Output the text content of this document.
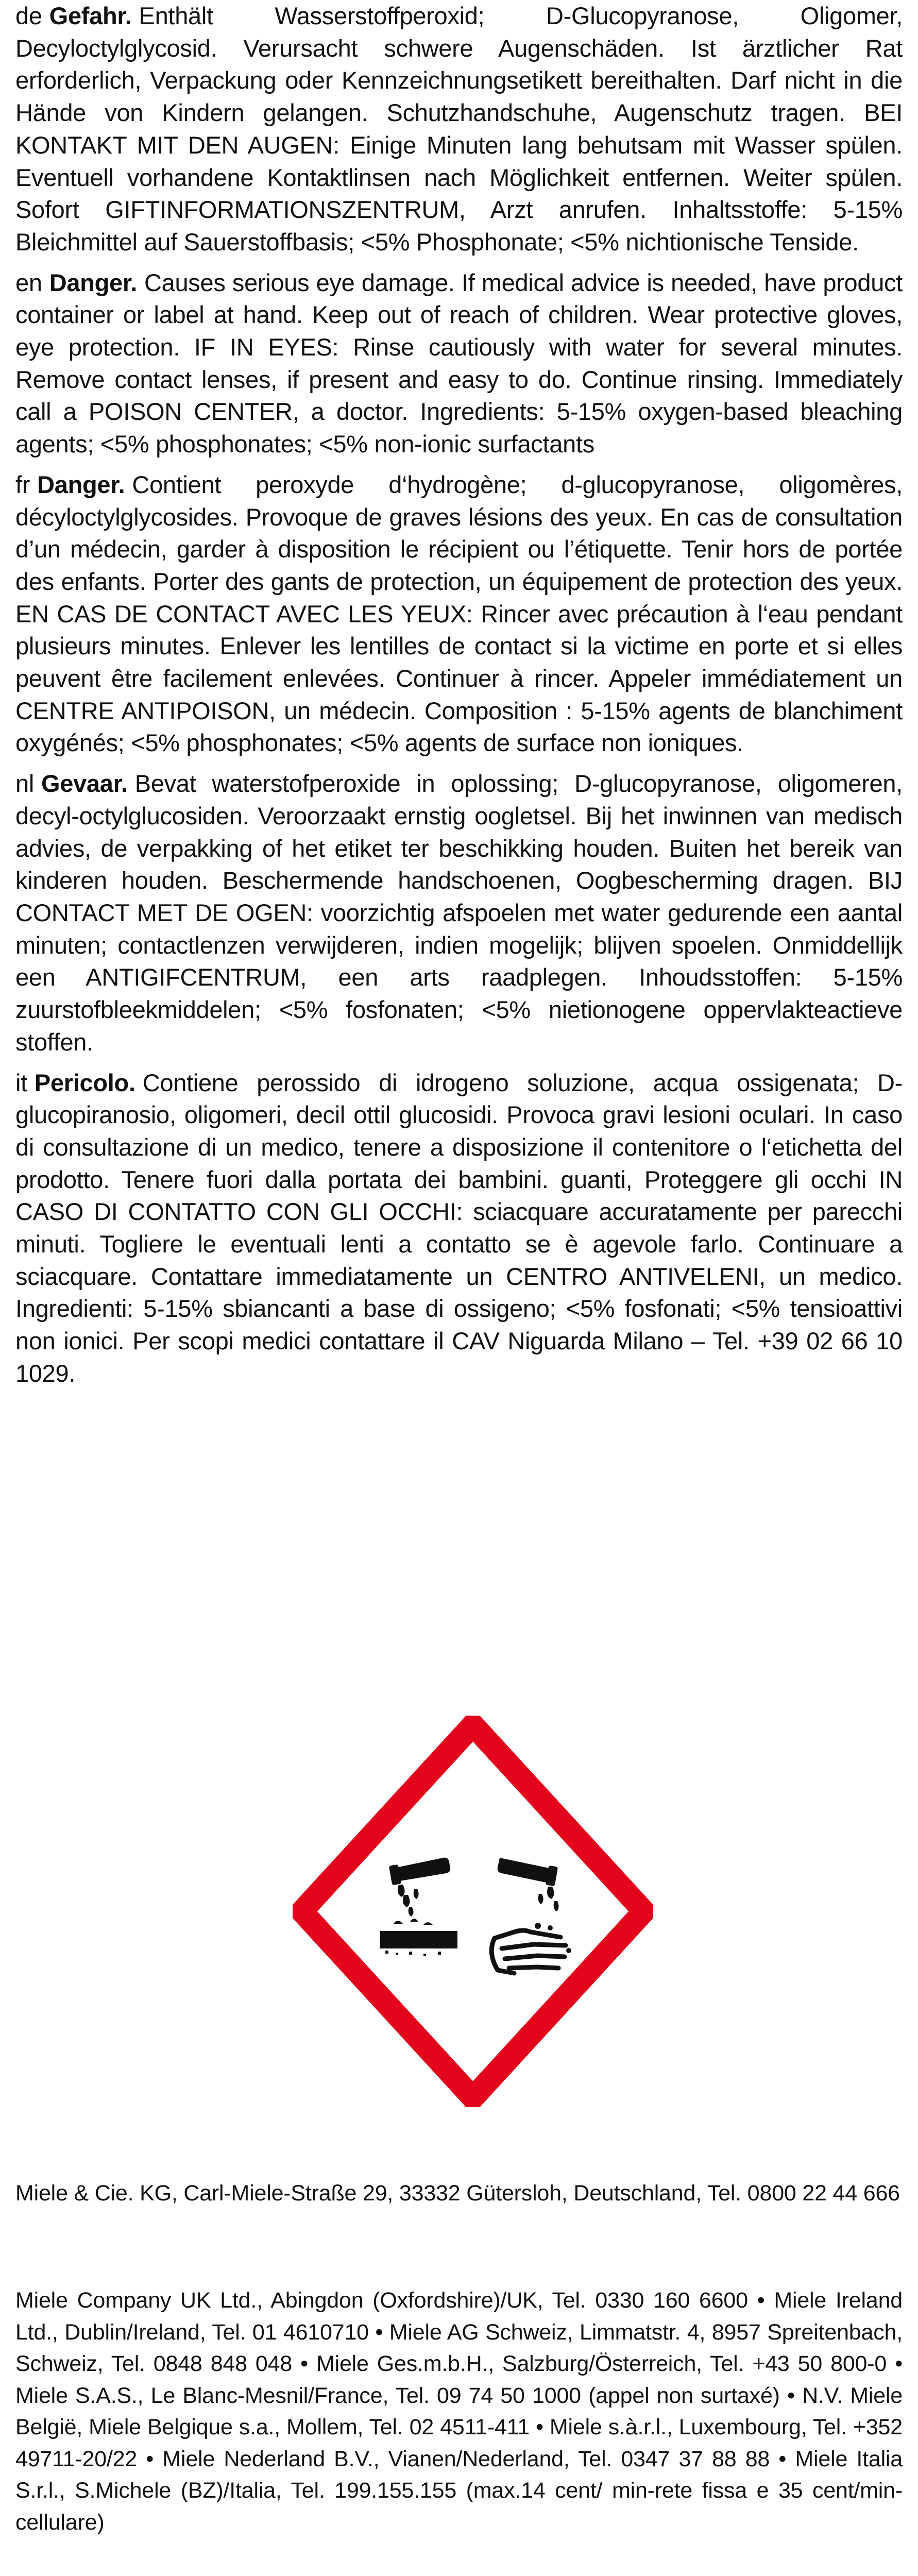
de Gefahr. Enthält Wasserstoffperoxid; D-Glucopyranose, Oligomer, Decyloctylglycosid. Verursacht schwere Augenschäden. Ist ärztlicher Rat erforderlich, Verpackung oder Kennzeichnungsetikett bereithalten. Darf nicht in die Hände von Kindern gelangen. Schutzhandschuhe, Augenschutz tragen. BEI KONTAKT MIT DEN AUGEN: Einige Minuten lang behutsam mit Wasser spülen. Eventuell vorhandene Kontaktlinsen nach Möglichkeit entfernen. Weiter spülen. Sofort GIFTINFORMATIONSZENTRUM, Arzt anrufen. Inhaltsstoffe: 5-15% Bleichmittel auf Sauerstoffbasis; <5% Phosphonate; <5% nichtionische Tenside.

en Danger. Causes serious eye damage. If medical advice is needed, have product container or label at hand. Keep out of reach of children. Wear protective gloves, eye protection. IF IN EYES: Rinse cautiously with water for several minutes. Remove contact lenses, if present and easy to do. Continue rinsing. Immediately call a POISON CENTER, a doctor. Ingredients: 5-15% oxygen-based bleaching agents; <5% phosphonates; <5% non-ionic surfactants

fr Danger. Contient peroxyde d‘hydrogène; d-glucopyranose, oligomères, décyloctylglycosides. Provoque de graves lésions des yeux. En cas de consultation d’un médecin, garder à disposition le récipient ou l’étiquette. Tenir hors de portée des enfants. Porter des gants de protection, un équipement de protection des yeux. EN CAS DE CONTACT AVEC LES YEUX: Rincer avec précaution à l‘eau pendant plusieurs minutes. Enlever les lentilles de contact si la victime en porte et si elles peuvent être facilement enlevées. Continuer à rincer. Appeler immédiatement un CENTRE ANTIPOISON, un médecin. Composition : 5-15% agents de blanchiment oxygénés; <5% phosphonates; <5% agents de surface non ioniques.

nl Gevaar. Bevat waterstofperoxide in oplossing; D-glucopyranose, oligomeren, decyl-octylglucosiden. Veroorzaakt ernstig oogletsel. Bij het inwinnen van medisch advies, de verpakking of het etiket ter beschikking houden. Buiten het bereik van kinderen houden. Beschermende handschoenen, Oogbescherming dragen. BIJ CONTACT MET DE OGEN: voorzichtig afspoelen met water gedurende een aantal minuten; contactlenzen verwijderen, indien mogelijk; blijven spoelen. Onmiddellijk een ANTIGIFCENTRUM, een arts raadplegen. Inhoudsstoffen: 5-15% zuurstofbleekmiddelen; <5% fosfonaten; <5% nietionogene oppervlakteactieve stoffen.

it Pericolo. Contiene perossido di idrogeno soluzione, acqua ossigenata; D-glucopiranosio, oligomeri, decil ottil glucosidi. Provoca gravi lesioni oculari. In caso di consultazione di un medico, tenere a disposizione il contenitore o l‘etichetta del prodotto. Tenere fuori dalla portata dei bambini. guanti, Proteggere gli occhi IN CASO DI CONTATTO CON GLI OCCHI: sciacquare accuratamente per parecchi minuti. Togliere le eventuali lenti a contatto se è agevole farlo. Continuare a sciacquare. Contattare immediatamente un CENTRO ANTIVELENI, un medico. Ingredienti: 5-15% sbiancanti a base di ossigeno; <5% fosfonati; <5% tensioattivi non ionici. Per scopi medici contattare il CAV Niguarda Milano – Tel. +39 02 66 10 1029.

Miele & Cie. KG, Carl-Miele-Straße 29, 33332 Gütersloh, Deutschland, Tel. 0800 22 44 666

Miele Company UK Ltd., Abingdon (Oxfordshire)/UK, Tel. 0330 160 6600 • Miele Ireland Ltd., Dublin/Ireland, Tel. 01 4610710 • Miele AG Schweiz, Limmatstr. 4, 8957 Spreitenbach, Schweiz, Tel. 0848 848 048 • Miele Ges.m.b.H., Salzburg/Österreich, Tel. +43 50 800-0 • Miele S.A.S., Le Blanc-Mesnil/France, Tel. 09 74 50 1000 (appel non surtaxé) • N.V. Miele België, Miele Belgique s.a., Mollem, Tel. 02 4511-411 • Miele s.à.r.l., Luxembourg, Tel. +352 49711-20/22 • Miele Nederland B.V., Vianen/Nederland, Tel. 0347 37 88 88 • Miele Italia S.r.l., S.Michele (BZ)/Italia, Tel. 199.155.155 (max.14 cent/ min-rete fissa e 35 cent/min-cellulare)
